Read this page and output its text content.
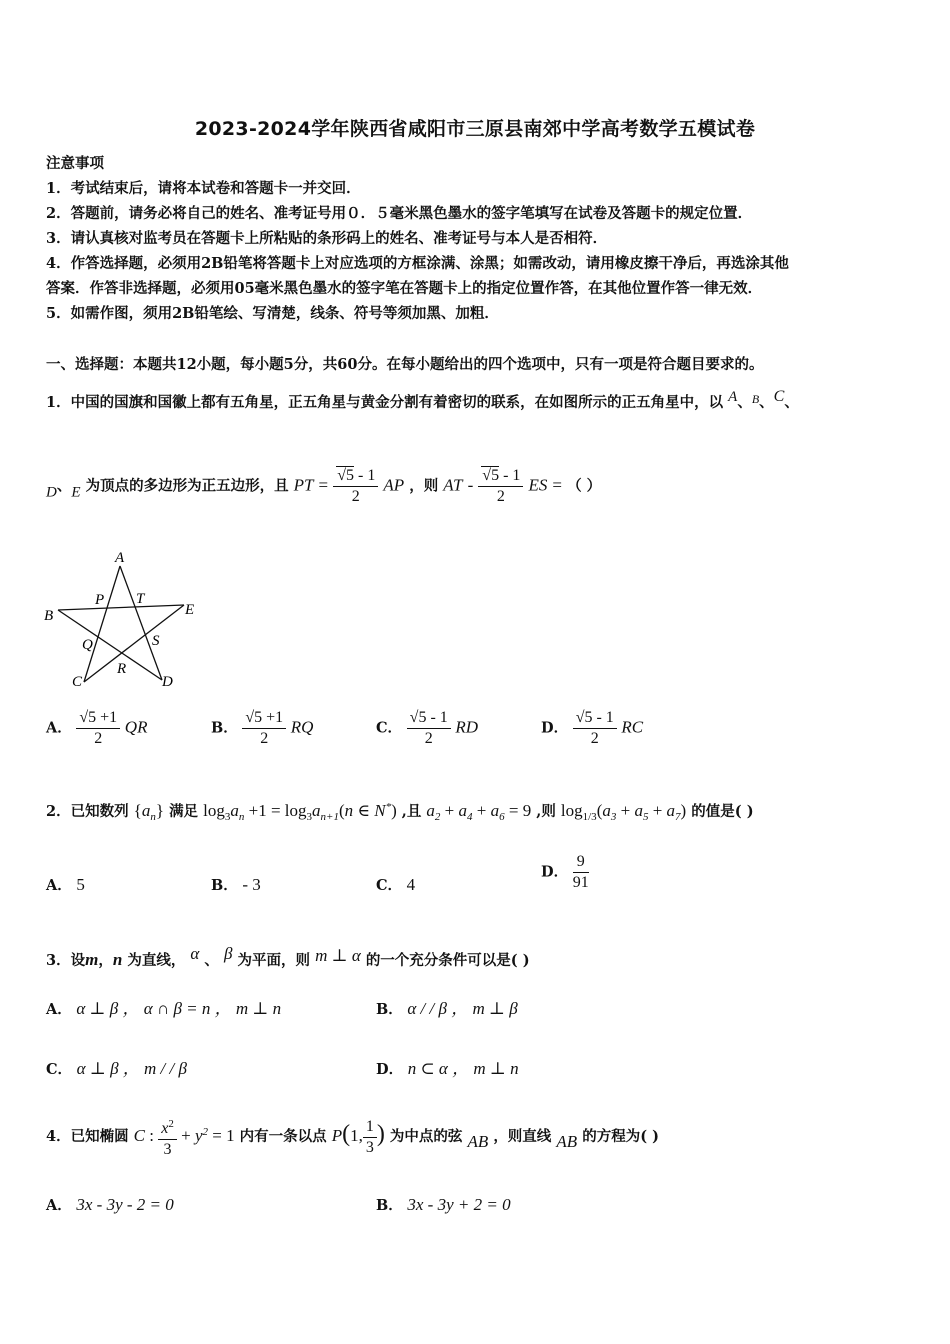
2023-2024学年陕西省咸阳市三原县南郊中学高考数学五模试卷
注意事项
1．考试结束后，请将本试卷和答题卡一并交回．
2．答题前，请务必将自己的姓名、准考证号用０．５毫米黑色墨水的签字笔填写在试卷及答题卡的规定位置．
3．请认真核对监考员在答题卡上所粘贴的条形码上的姓名、准考证号与本人是否相符．
4．作答选择题，必须用2B铅笔将答题卡上对应选项的方框涂满、涂黑；如需改动，请用橡皮擦干净后，再选涂其他
答案．作答非选择题，必须用05毫米黑色墨水的签字笔在答题卡上的指定位置作答，在其他位置作答一律无效．
5．如需作图，须用2B铅笔绘、写清楚，线条、符号等须加黑、加粗．
一、选择题：本题共12小题，每小题5分，共60分。在每小题给出的四个选项中，只有一项是符合题目要求的。
1．中国的国旗和国徽上都有五角星，正五角星与黄金分割有着密切的联系，在如图所示的正五角星中，以 A、$^B$、C、
D、E 为顶点的多边形为正五边形，且 PT = $\frac{√5 - 1}{2}$ AP ，则 AT - $\frac{√5 - 1}{2}$ ES = （ ）
A
B
C	D
E
P T
Q	S
R
A． $\frac{√5 +1}{2}$ QR	B． $\frac{√5 +1}{2}$ RQ	C． $\frac{√5 - 1}{2}$ RD	D． $\frac{√5 - 1}{2}$ RC
2．已知数列 $\{a_n\}$ 满足 $\log_3a_n +1 = \log_3a_{n+1}(n$ ∈ N*) ,且 $a_2 + a_4 + a_6 = 9$ ,则 $\log_{1/3}(a_3 + a_5 + a_7)$ 的值是( )
A． 5	B． - 3	C． 4
D． $\frac{9}{91}$
3．设m，n 为直线， α 、 β 为平面，则 m ⊥ α 的一个充分条件可以是( )
A． α ⊥ β ， α ∩ β = n ， m ⊥ n	B． α / / β ， m ⊥ β
C． α ⊥ β ， m / / β	D． n ⊂ α ， m ⊥ n
4．已知椭圆 C : $\frac{x^2}{3} + y^2 = 1$ 内有一条以点 P(1, $\frac{1}{3}$ ) 为中点的弦 AB ，则直线 AB 的方程为( )
A． 3x - 3y - 2 = 0	B． 3x - 3y + 2 = 0
